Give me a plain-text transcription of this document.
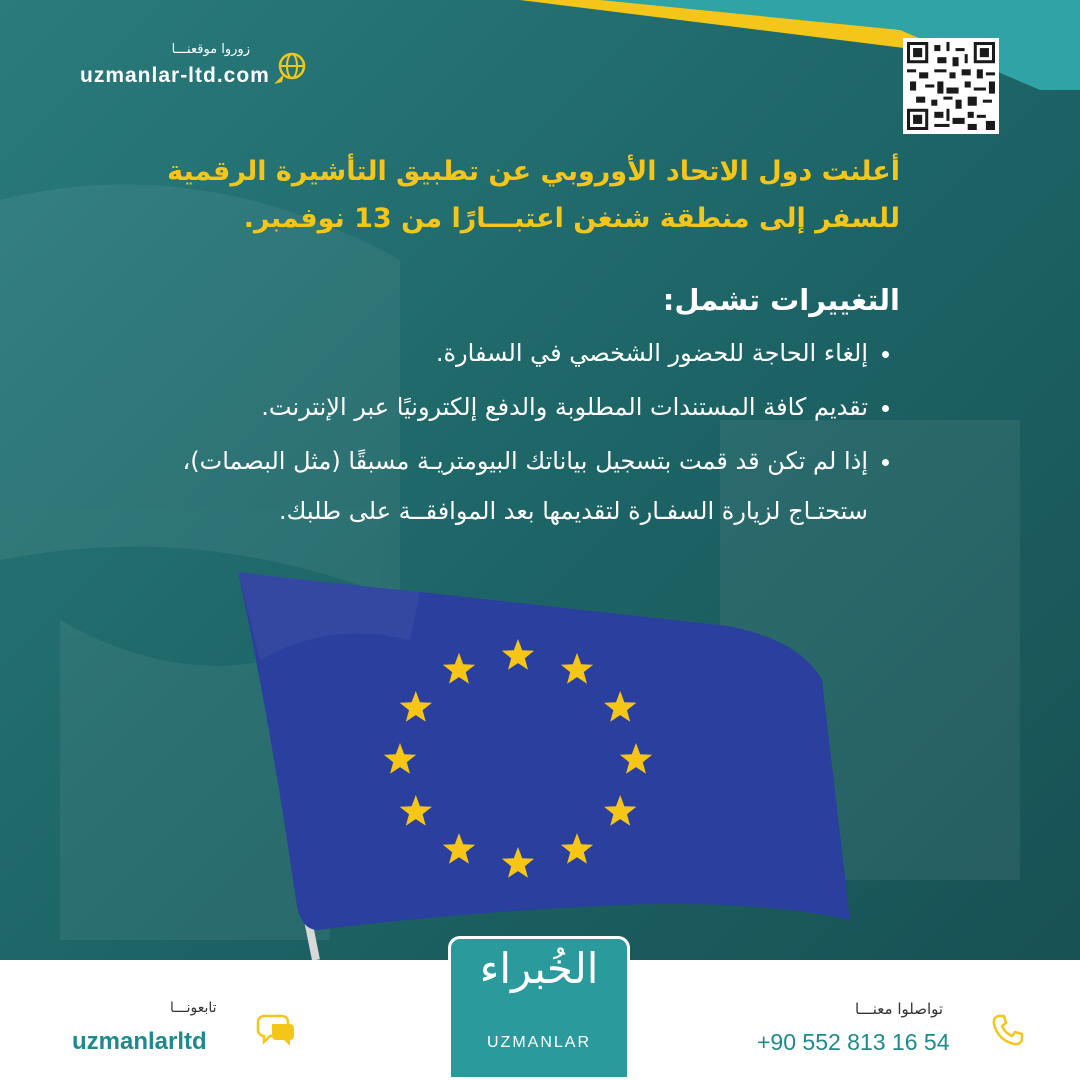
زوروا موقعنـــا
uzmanlar-ltd.com

أعلنت دول الاتحاد الأوروبي عن تطبيق التأشيرة الرقمية
للسفر إلى منطقة شنغن اعتبـــارًا من 13 نوفمبر.

التغييرات تشمل:
• إلغاء الحاجة للحضور الشخصي في السفارة.
• تقديم كافة المستندات المطلوبة والدفع إلكترونيًا عبر الإنترنت.
• إذا لم تكن قد قمت بتسجيل بياناتك البيومتريـة مسبقًا (مثل البصمات)، ستحتـاج لزيارة السفـارة لتقديمها بعد الموافقــة على طلبك.
تابعونـــا
uzmanlarltd
تواصلوا معنـــا
+90 552 813 16 54
الخُبراء
UZMANLAR
